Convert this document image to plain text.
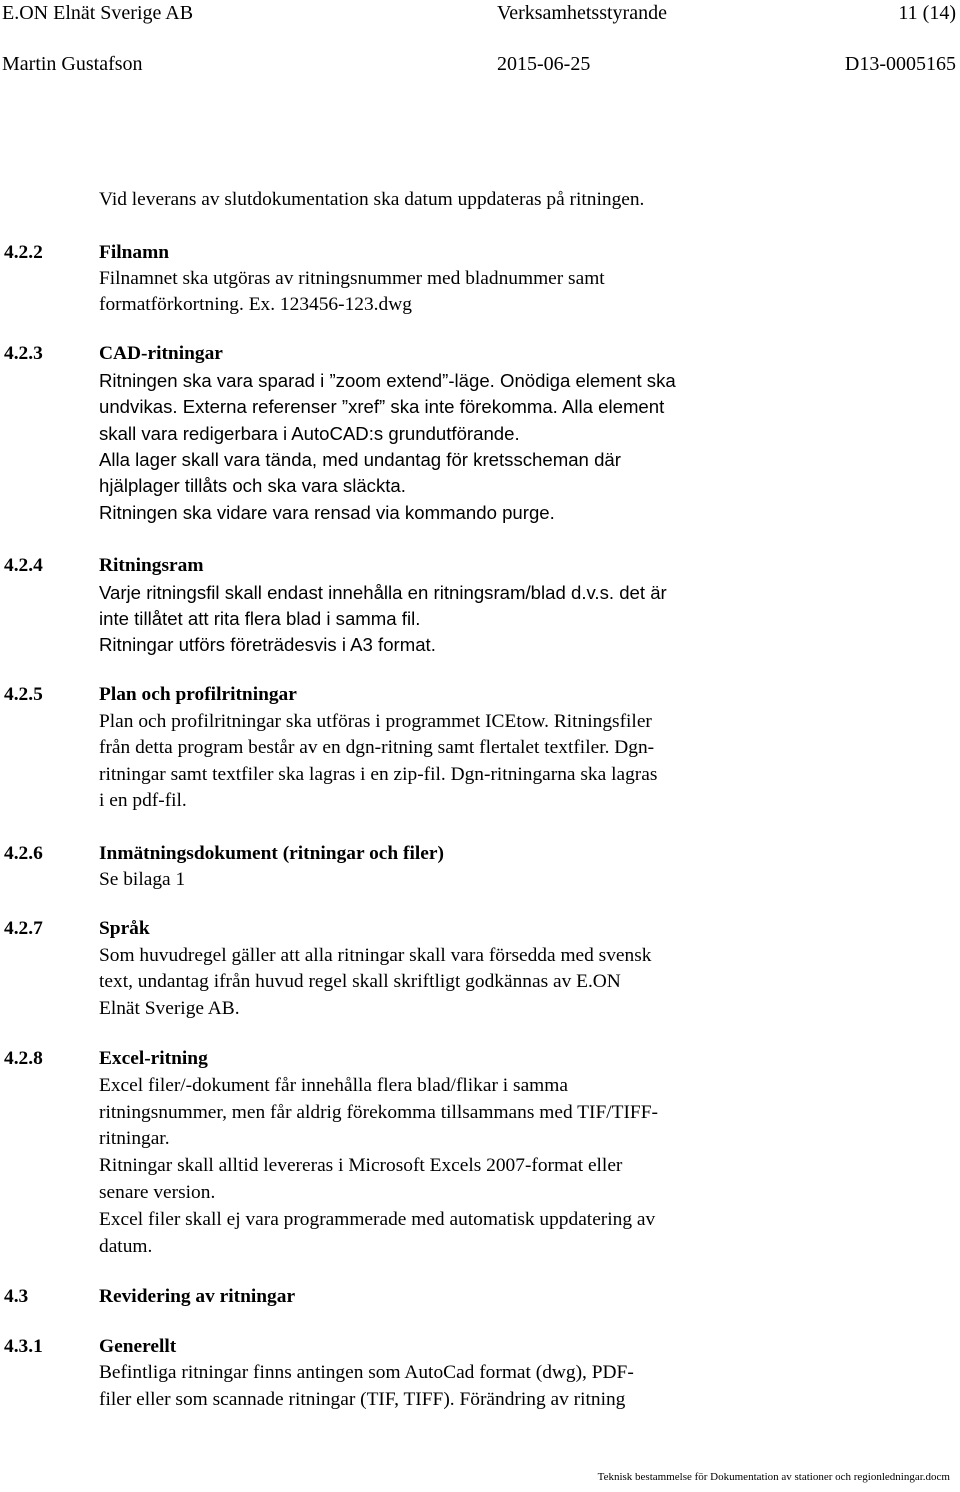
E.ON Elnät Sverige AB	Verksamhetsstyrande	11 (14)
Martin Gustafson	2015-06-25	D13-0005165
Vid leverans av slutdokumentation ska datum uppdateras på ritningen.
4.2.2	Filnamn
Filnamnet ska utgöras av ritningsnummer med bladnummer samt
formatförkortning. Ex. 123456-123.dwg
4.2.3	CAD-ritningar
Ritningen ska vara sparad i ”zoom extend”-läge. Onödiga element ska
undvikas. Externa referenser ”xref” ska inte förekomma. Alla element
skall vara redigerbara i AutoCAD:s grundutförande.
Alla lager skall vara tända, med undantag för kretsscheman där
hjälplager tillåts och ska vara släckta.
Ritningen ska vidare vara rensad via kommando purge.
4.2.4	Ritningsram
Varje ritningsfil skall endast innehålla en ritningsram/blad d.v.s. det är
inte tillåtet att rita flera blad i samma fil.
Ritningar utförs företrädesvis i A3 format.
4.2.5	Plan och profilritningar
Plan och profilritningar ska utföras i programmet ICEtow. Ritningsfiler
från detta program består av en dgn-ritning samt flertalet textfiler. Dgn-
ritningar samt textfiler ska lagras i en zip-fil. Dgn-ritningarna ska lagras
i en pdf-fil.
4.2.6	Inmätningsdokument (ritningar och filer)
Se bilaga 1
4.2.7	Språk
Som huvudregel gäller att alla ritningar skall vara försedda med svensk
text, undantag ifrån huvud regel skall skriftligt godkännas av E.ON
Elnät Sverige AB.
4.2.8	Excel-ritning
Excel filer/-dokument får innehålla flera blad/flikar i samma
ritningsnummer, men får aldrig förekomma tillsammans med TIF/TIFF-
ritningar.
Ritningar skall alltid levereras i Microsoft Excels 2007-format eller
senare version.
Excel filer skall ej vara programmerade med automatisk uppdatering av
datum.
4.3	Revidering av ritningar
4.3.1	Generellt
Befintliga ritningar finns antingen som AutoCad format (dwg), PDF-
filer eller som scannade ritningar (TIF, TIFF). Förändring av ritning
Teknisk bestammelse för Dokumentation av stationer och regionledningar.docm
